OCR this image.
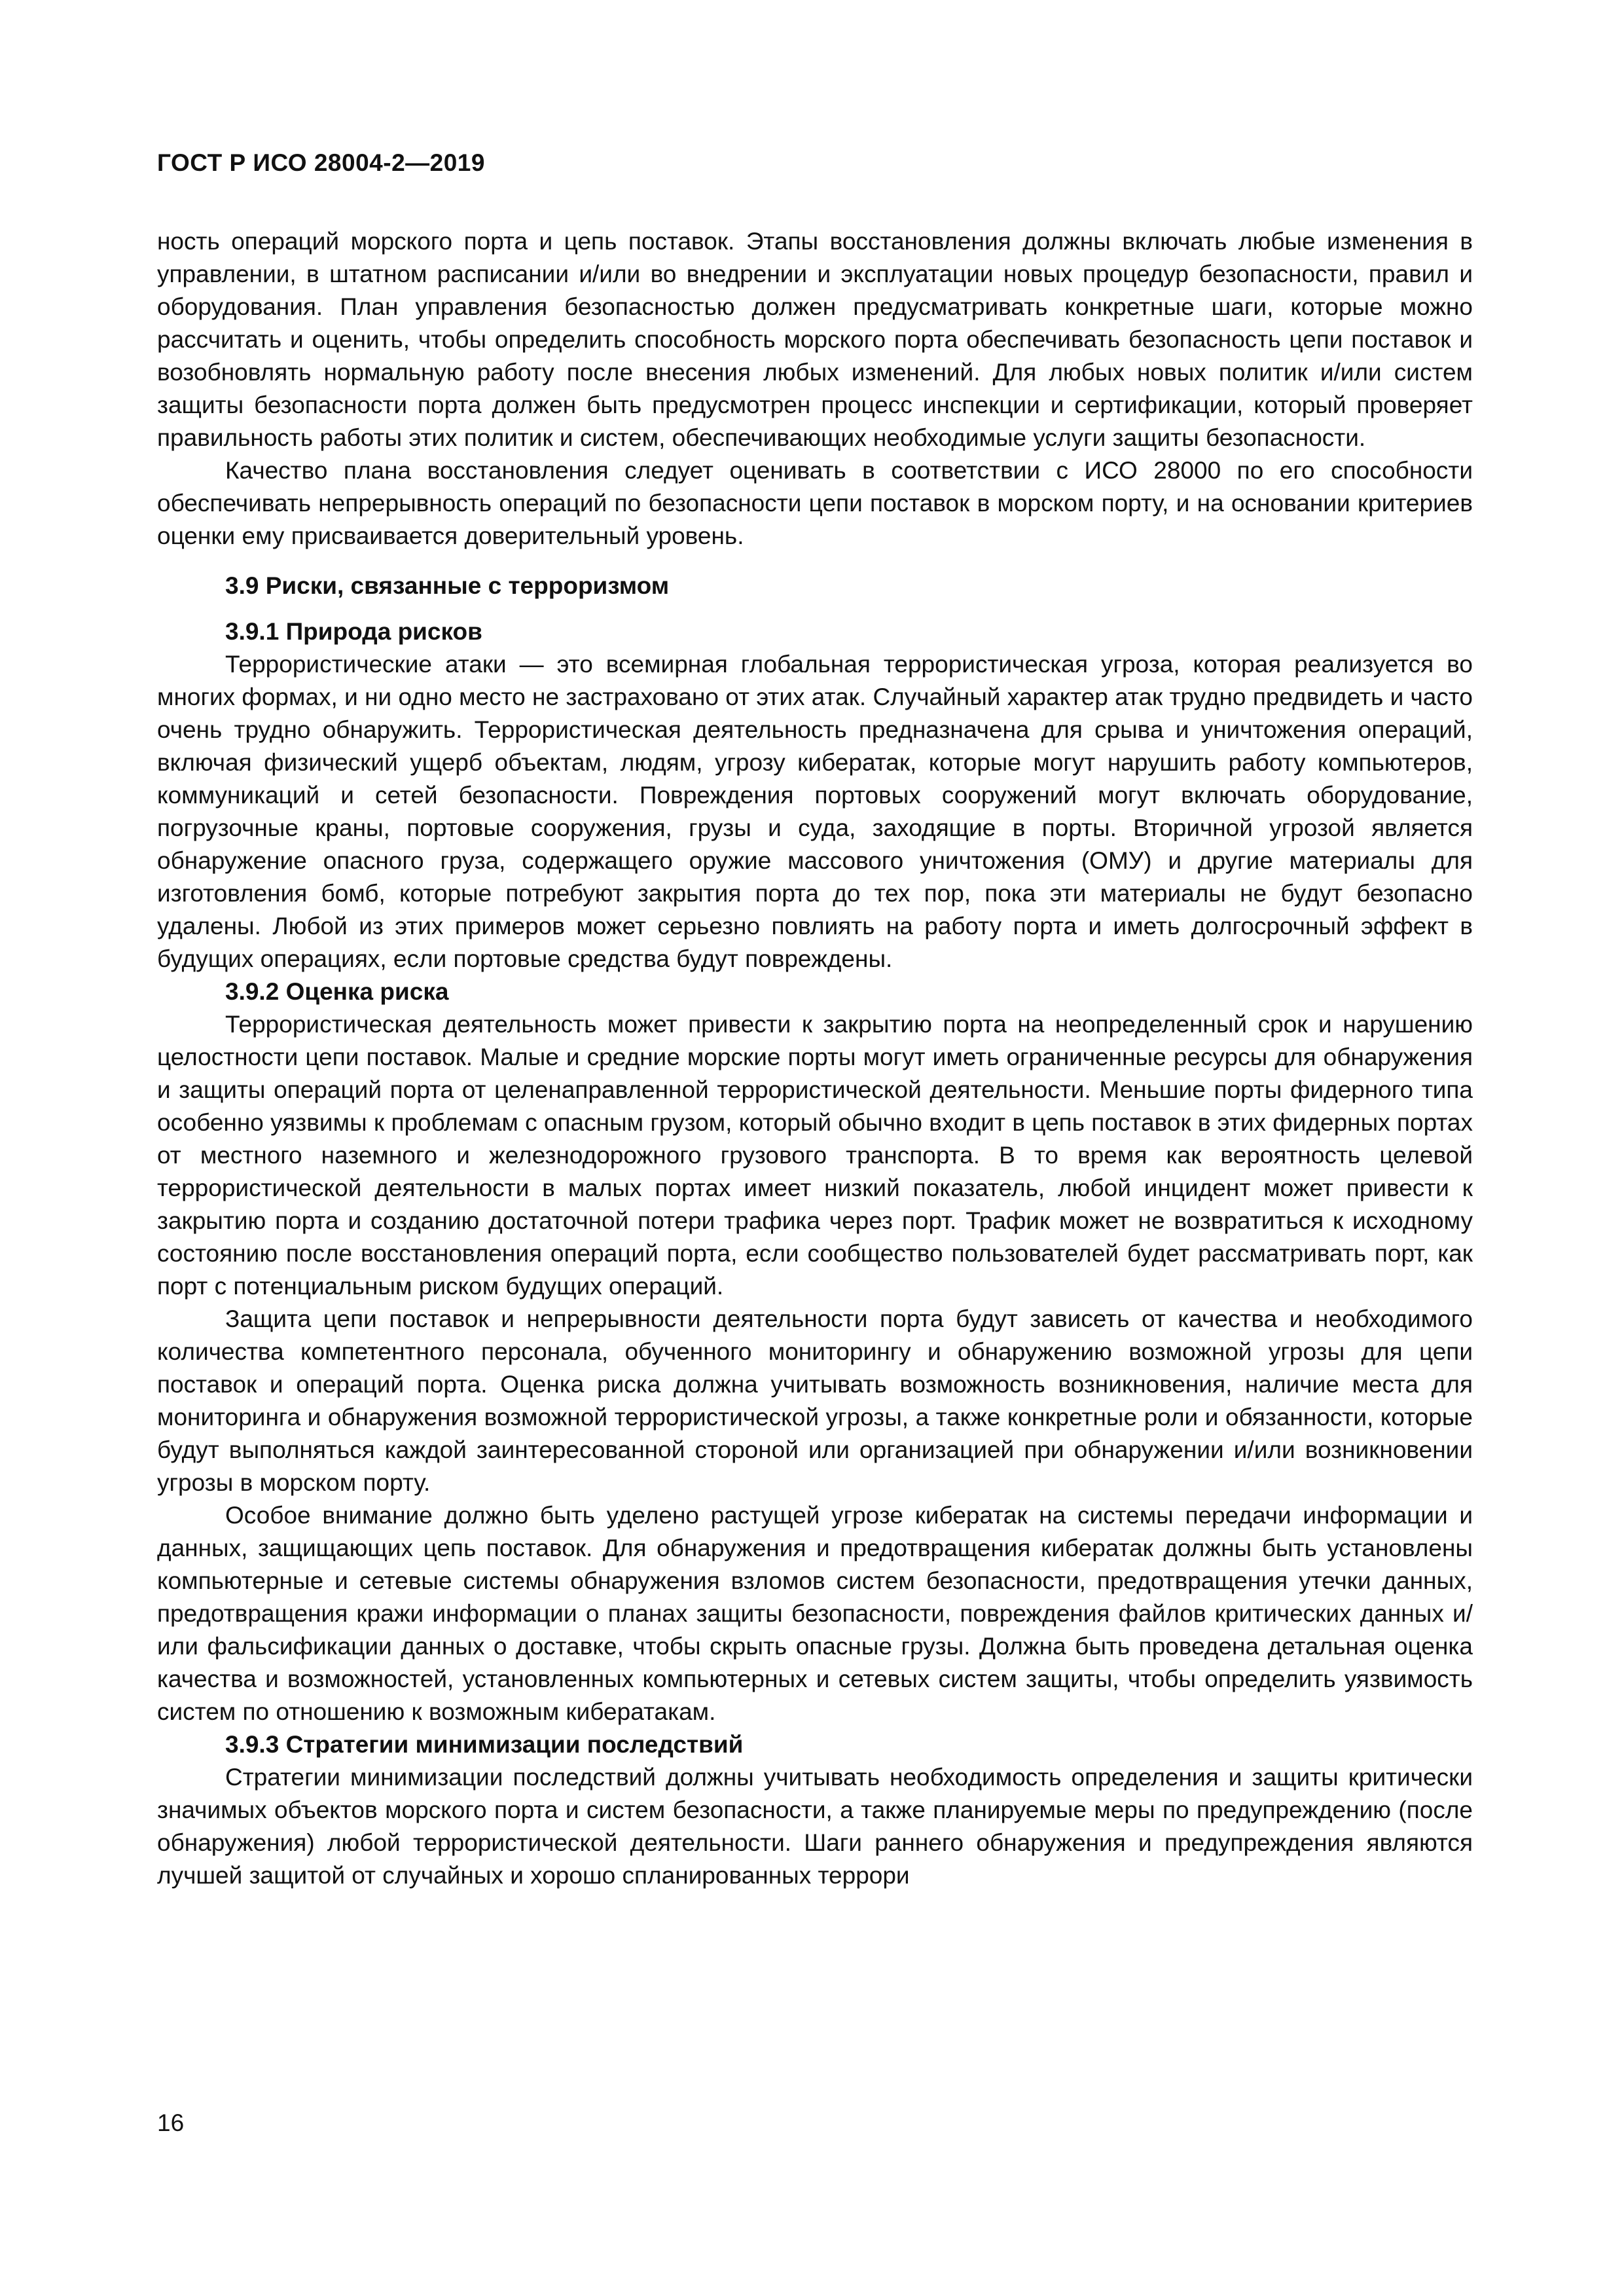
ГОСТ Р ИСО 28004-2—2019

ность операций морского порта и цепь поставок. Этапы восстановления должны включать любые изменения в управлении, в штатном расписании и/или во внедрении и эксплуатации новых процедур безопасности, правил и оборудования. План управления безопасностью должен предусматривать конкретные шаги, которые можно рассчитать и оценить, чтобы определить способность морского порта обеспечивать безопасность цепи поставок и возобновлять нормальную работу после внесения любых изменений. Для любых новых политик и/или систем защиты безопасности порта должен быть предусмотрен процесс инспекции и сертификации, который проверяет правильность работы этих политик и систем, обеспечивающих необходимые услуги защиты безопасности.

Качество плана восстановления следует оценивать в соответствии с ИСО 28000 по его способности обеспечивать непрерывность операций по безопасности цепи поставок в морском порту, и на основании критериев оценки ему присваивается доверительный уровень.

3.9 Риски, связанные с терроризмом
3.9.1 Природа рисков

Террористические атаки — это всемирная глобальная террористическая угроза, которая реализуется во многих формах, и ни одно место не застраховано от этих атак. Случайный характер атак трудно предвидеть и часто очень трудно обнаружить. Террористическая деятельность предназначена для срыва и уничтожения операций, включая физический ущерб объектам, людям, угрозу кибератак, которые могут нарушить работу компьютеров, коммуникаций и сетей безопасности. Повреждения портовых сооружений могут включать оборудование, погрузочные краны, портовые сооружения, грузы и суда, заходящие в порты. Вторичной угрозой является обнаружение опасного груза, содержащего оружие массового уничтожения (ОМУ) и другие материалы для изготовления бомб, которые потребуют закрытия порта до тех пор, пока эти материалы не будут безопасно удалены. Любой из этих примеров может серьезно повлиять на работу порта и иметь долгосрочный эффект в будущих операциях, если портовые средства будут повреждены.

3.9.2 Оценка риска

Террористическая деятельность может привести к закрытию порта на неопределенный срок и нарушению целостности цепи поставок. Малые и средние морские порты могут иметь ограниченные ресурсы для обнаружения и защиты операций порта от целенаправленной террористической деятельности. Меньшие порты фидерного типа особенно уязвимы к проблемам с опасным грузом, который обычно входит в цепь поставок в этих фидерных портах от местного наземного и железнодорожного грузового транспорта. В то время как вероятность целевой террористической деятельности в малых портах имеет низкий показатель, любой инцидент может привести к закрытию порта и созданию достаточной потери трафика через порт. Трафик может не возвратиться к исходному состоянию после восстановления операций порта, если сообщество пользователей будет рассматривать порт, как порт с потенциальным риском будущих операций.

Защита цепи поставок и непрерывности деятельности порта будут зависеть от качества и необходимого количества компетентного персонала, обученного мониторингу и обнаружению возможной угрозы для цепи поставок и операций порта. Оценка риска должна учитывать возможность возникновения, наличие места для мониторинга и обнаружения возможной террористической угрозы, а также конкретные роли и обязанности, которые будут выполняться каждой заинтересованной стороной или организацией при обнаружении и/или возникновении угрозы в морском порту.

Особое внимание должно быть уделено растущей угрозе кибератак на системы передачи информации и данных, защищающих цепь поставок. Для обнаружения и предотвращения кибератак должны быть установлены компьютерные и сетевые системы обнаружения взломов систем безопасности, предотвращения утечки данных, предотвращения кражи информации о планах защиты безопасности, повреждения файлов критических данных и/или фальсификации данных о доставке, чтобы скрыть опасные грузы. Должна быть проведена детальная оценка качества и возможностей, установленных компьютерных и сетевых систем защиты, чтобы определить уязвимость систем по отношению к возможным кибератакам.

3.9.3 Стратегии минимизации последствий

Стратегии минимизации последствий должны учитывать необходимость определения и защиты критически значимых объектов морского порта и систем безопасности, а также планируемые меры по предупреждению (после обнаружения) любой террористической деятельности. Шаги раннего обнаружения и предупреждения являются лучшей защитой от случайных и хорошо спланированных террори

16
